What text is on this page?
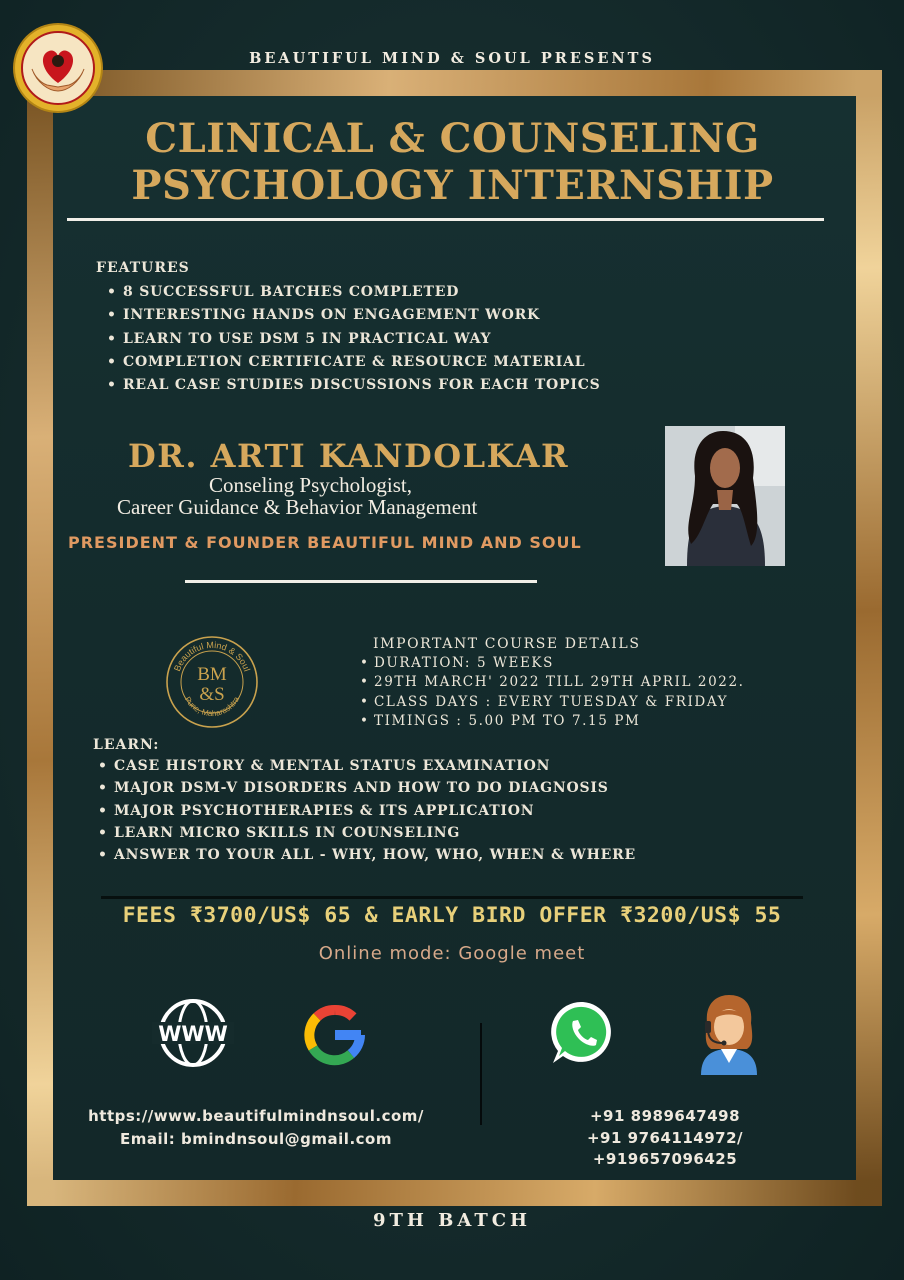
BEAUTIFUL MIND & SOUL PRESENTS
CLINICAL & COUNSELING
PSYCHOLOGY INTERNSHIP
FEATURES
• 8 SUCCESSFUL BATCHES COMPLETED
• INTERESTING HANDS ON ENGAGEMENT WORK
• LEARN TO USE DSM 5 IN PRACTICAL WAY
• COMPLETION CERTIFICATE & RESOURCE MATERIAL
• REAL CASE STUDIES DISCUSSIONS FOR EACH TOPICS
DR. ARTI KANDOLKAR
Conseling Psychologist,
Career Guidance & Behavior Management
PRESIDENT & FOUNDER BEAUTIFUL MIND AND SOUL
Beautiful Mind & Soul
Pune, Maharashtra
BM
&S
IMPORTANT COURSE DETAILS
• DURATION: 5 WEEKS
• 29TH MARCH' 2022 TILL 29TH APRIL 2022.
• CLASS DAYS : EVERY TUESDAY & FRIDAY
• TIMINGS : 5.00 PM TO 7.15 PM
LEARN:
• CASE HISTORY & MENTAL STATUS EXAMINATION
• MAJOR DSM-V DISORDERS AND HOW TO DO DIAGNOSIS
• MAJOR PSYCHOTHERAPIES & ITS APPLICATION
• LEARN MICRO SKILLS IN COUNSELING
• ANSWER TO YOUR ALL - WHY, HOW, WHO, WHEN & WHERE
FEES ₹3700/US$ 65 & EARLY BIRD OFFER ₹3200/US$ 55
Online mode: Google meet
WWW
https://www.beautifulmindnsoul.com/
Email: bmindnsoul@gmail.com
+91 8989647498
+91 9764114972/
+919657096425
9TH BATCH
